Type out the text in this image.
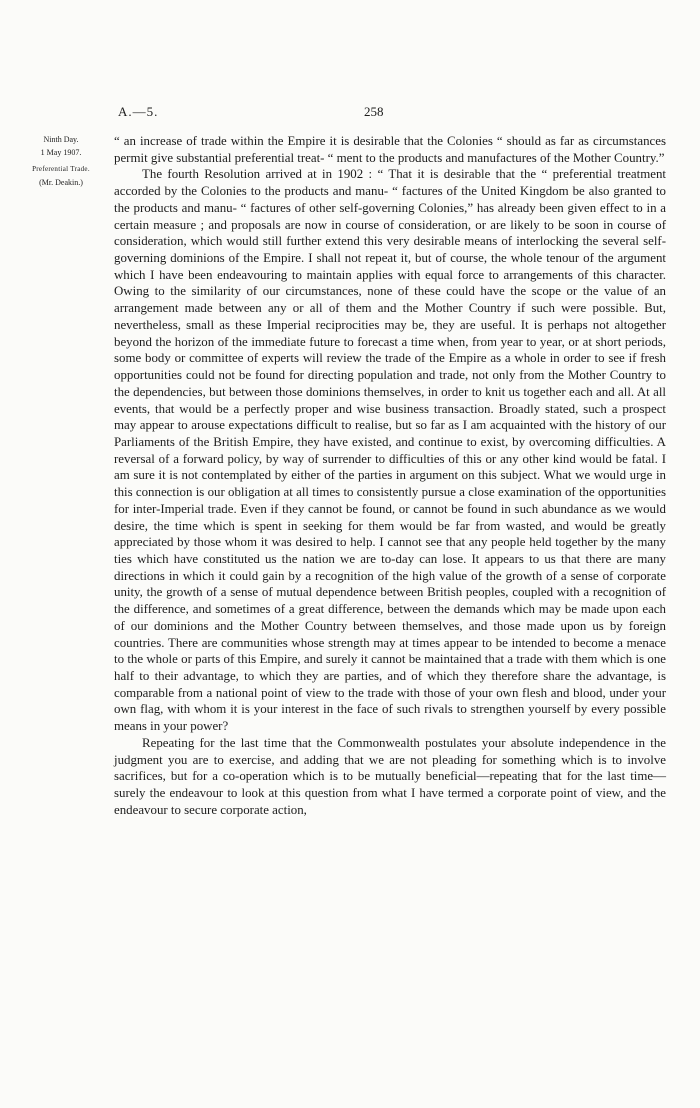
A.—5.	258
Ninth Day.
1 May 1907.
Preferential Trade.
(Mr. Deakin.)

“ an increase of trade within the Empire it is desirable that the Colonies “ should as far as circumstances permit give substantial preferential treat- “ ment to the products and manufactures of the Mother Country.”

The fourth Resolution arrived at in 1902 : “ That it is desirable that the “ preferential treatment accorded by the Colonies to the products and manu- “ factures of the United Kingdom be also granted to the products and manu- “ factures of other self-governing Colonies,” has already been given effect to in a certain measure ; and proposals are now in course of consideration, or are likely to be soon in course of consideration, which would still further extend this very desirable means of interlocking the several self-governing dominions of the Empire. I shall not repeat it, but of course, the whole tenour of the argument which I have been endeavouring to maintain applies with equal force to arrangements of this character. Owing to the similarity of our circumstances, none of these could have the scope or the value of an arrangement made between any or all of them and the Mother Country if such were possible. But, nevertheless, small as these Imperial reciprocities may be, they are useful. It is perhaps not altogether beyond the horizon of the immediate future to forecast a time when, from year to year, or at short periods, some body or committee of experts will review the trade of the Empire as a whole in order to see if fresh opportunities could not be found for directing population and trade, not only from the Mother Country to the dependencies, but between those dominions themselves, in order to knit us together each and all. At all events, that would be a perfectly proper and wise business transaction. Broadly stated, such a prospect may appear to arouse expectations difficult to realise, but so far as I am acquainted with the history of our Parliaments of the British Empire, they have existed, and continue to exist, by overcoming difficulties. A reversal of a forward policy, by way of surrender to difficulties of this or any other kind would be fatal. I am sure it is not contemplated by either of the parties in argument on this subject. What we would urge in this connection is our obligation at all times to consistently pursue a close examination of the opportunities for inter-Imperial trade. Even if they cannot be found, or cannot be found in such abundance as we would desire, the time which is spent in seeking for them would be far from wasted, and would be greatly appreciated by those whom it was desired to help. I cannot see that any people held together by the many ties which have constituted us the nation we are to-day can lose. It appears to us that there are many directions in which it could gain by a recognition of the high value of the growth of a sense of corporate unity, the growth of a sense of mutual dependence between British peoples, coupled with a recognition of the difference, and sometimes of a great difference, between the demands which may be made upon each of our dominions and the Mother Country between themselves, and those made upon us by foreign countries. There are communities whose strength may at times appear to be intended to become a menace to the whole or parts of this Empire, and surely it cannot be maintained that a trade with them which is one half to their advantage, to which they are parties, and of which they therefore share the advantage, is comparable from a national point of view to the trade with those of your own flesh and blood, under your own flag, with whom it is your interest in the face of such rivals to strengthen yourself by every possible means in your power?

Repeating for the last time that the Commonwealth postulates your absolute independence in the judgment you are to exercise, and adding that we are not pleading for something which is to involve sacrifices, but for a co-operation which is to be mutually beneficial—repeating that for the last time—surely the endeavour to look at this question from what I have termed a corporate point of view, and the endeavour to secure corporate action,
